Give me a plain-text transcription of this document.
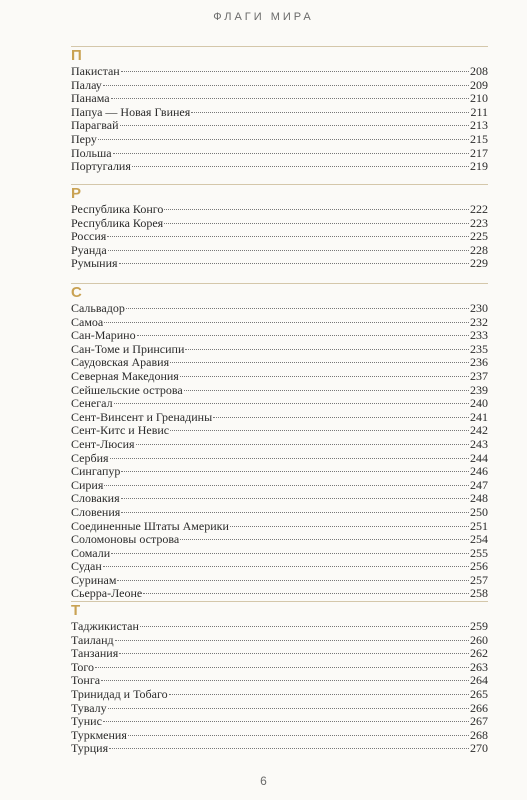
ФЛАГИ МИРА
П
Пакистан	208
Палау	209
Панама	210
Папуа — Новая Гвинея	211
Парагвай	213
Перу	215
Польша	217
Португалия	219
Р
Республика Конго	222
Республика Корея	223
Россия	225
Руанда	228
Румыния	229
С
Сальвадор	230
Самоа	232
Сан-Марино	233
Сан-Томе и Принсипи	235
Саудовская Аравия	236
Северная Македония	237
Сейшельские острова	239
Сенегал	240
Сент-Винсент и Гренадины	241
Сент-Китс и Невис	242
Сент-Люсия	243
Сербия	244
Сингапур	246
Сирия	247
Словакия	248
Словения	250
Соединенные Штаты Америки	251
Соломоновы острова	254
Сомали	255
Судан	256
Суринам	257
Сьерра-Леоне	258
Т
Таджикистан	259
Таиланд	260
Танзания	262
Того	263
Тонга	264
Тринидад и Тобаго	265
Тувалу	266
Тунис	267
Туркмения	268
Турция	270
6
